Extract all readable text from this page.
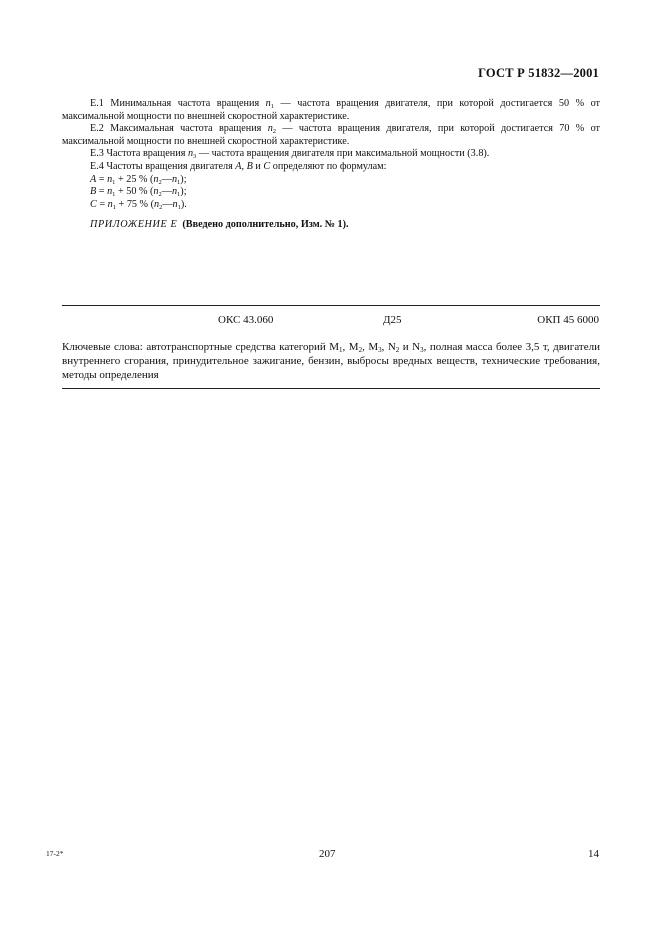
ГОСТ Р 51832—2001

Е.1 Минимальная частота вращения $n_1$ — частота вращения двигателя, при которой достигается 50 % от максимальной мощности по внешней скоростной характеристике.

Е.2 Максимальная частота вращения $n_2$ — частота вращения двигателя, при которой достигается 70 % от максимальной мощности по внешней скоростной характеристике.

Е.3 Частота вращения $n_3$ — частота вращения двигателя при максимальной мощности (3.8).

Е.4 Частоты вращения двигателя A, B и C определяют по формулам:

$A = n_1 + 25$ % $(n_2—n_1)$;

$B = n_1 + 50$ % $(n_2—n_1)$;

$C = n_1 + 75$ % $(n_2—n_1)$.

ПРИЛОЖЕНИЕ Е (Введено дополнительно, Изм. № 1).

ОКС 43.060	Д25	ОКП 45 6000
Ключевые слова: автотранспортные средства категорий $M_1$, $M_2$, $M_3$, $N_2$ и $N_3$, полная масса более 3,5 т, двигатели внутреннего сгорания, принудительное зажигание, бензин, выбросы вредных веществ, технические требования, методы определения
17-2*	207	14
